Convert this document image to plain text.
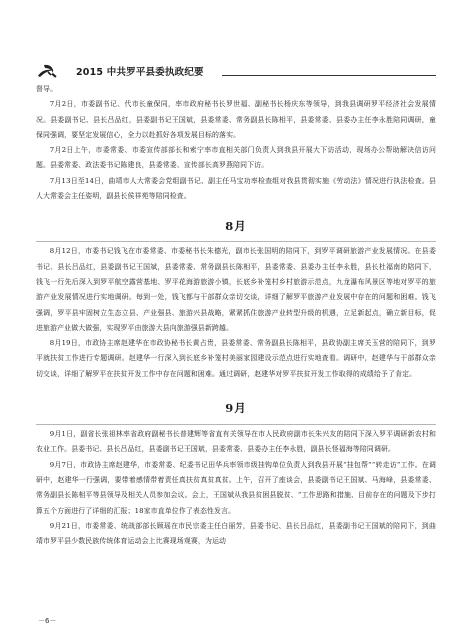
2015 中共罗平县委执政纪要

督导。

7月2日，市委副书记、代市长童保同，率市政府秘书长罗世福、副秘书长杨庆东等领导，到我县调研罗平经济社会发展情况。县委副书记、县长吕品红，县委副书记王国斌，县委常委、常务副县长陈相平，县委常委、县委办主任李永胜陪同调研，童保同强调，要坚定发展信心，全力以赴抓好各项发展目标的落实。

7月2日上午，市委常委、市委宣传部部长和索宁率市直相关部门负责人到我县开展大下访活动，现场办公帮助解决信访问题。县委常委、政法委书记陈建良，县委常委、宣传部长高罗燕陪同下访。

7月13日至14日，曲靖市人大常委会党组副书记、副主任马宝功率检查组对我县贯彻实施《劳动法》情况进行执法检查。县人大常委会主任姿明，副县长侯祥苑等陪同检查。

8月

8月12日，市委书记钱飞在市委常委、市委秘书长朱德光，副市长张国明的陪同下，到罗平调研旅游产业发展情况。在县委书记、县长吕品红，县委副书记王国斌，县委常委、常务副县长陈相平，县委常委、县委办主任李永胜，县长杜福南的陪同下，钱飞一行先后深入到罗平航空露营基地、罗平花海游旅游小镇，长底乡补笼村乡村旅游示范点，九龙瀑布风景区等地对罗平的旅游产业发展情况进行实地调研。每到一处，钱飞都与干部群众亲切交谈，详细了解罗平旅游产业发展中存在的问题和困难。钱飞强调，罗平县牢固树立生态立县、产业强县、旅游兴县战略，紧紧抓住旅游产业转型升级的机遇，立足新起点，确立新目标，促进旅游产业做大做强，实现罗平由旅游大县向旅游强县新跨越。

8月19日，市政协主席赵建华在市政协秘书长黄占贵，县委常委、常务副县长陈相平，县政协副主席关玉营的陪同下，到罗平就扶贫工作进行专题调研。赵建华一行深入到长底乡补笼村美丽家园建设示范点进行实地查看。调研中，赵建华与干部群众亲切交谈，详细了解罗平在扶贫开发工作中存在问题和困难。通过调研，赵建华对罗平扶贫开发工作取得的成绩给予了肯定。

9月

9月1日，副省长张祖林率省政府副秘书长普建辉等省直有关领导在市人民政府副市长朱兴友的陪同下深入罗平调研新农村和农业工作。县委书记、县长吕品红，县委副书记王国斌，县委常委、县委办主任李永胜，副县长怪福海等陪同调研。

9月7日，市政协主席赵建华，市委常委、纪委书记田华兵率领市级挂钩单位负责人到我县开展“挂包帮”“转走访”工作。在调研中，赵建华一行强调，要带着感情带着责任真扶贫真贫真贫。上午，召开了座谈会，县委副书记王国斌、马海峰，县委常委、常务副县长陈相平等县领导及相关人员参加会议。会上，王国斌从我县贫困县脱贫、“工作思路和措施、目前存在的问题及下步打算五个方面进行了详细的汇报；18家市直单位作了表态性发言。

9月21日，市委常委、统战部部长顾瑶在市民宗委主任白丽芳，县委书记、县长吕品红，县委副书记王国斌的陪同下，到曲靖市罗平县少数民族传统体育运动会上比赛现场观赛，为运动

－6－
